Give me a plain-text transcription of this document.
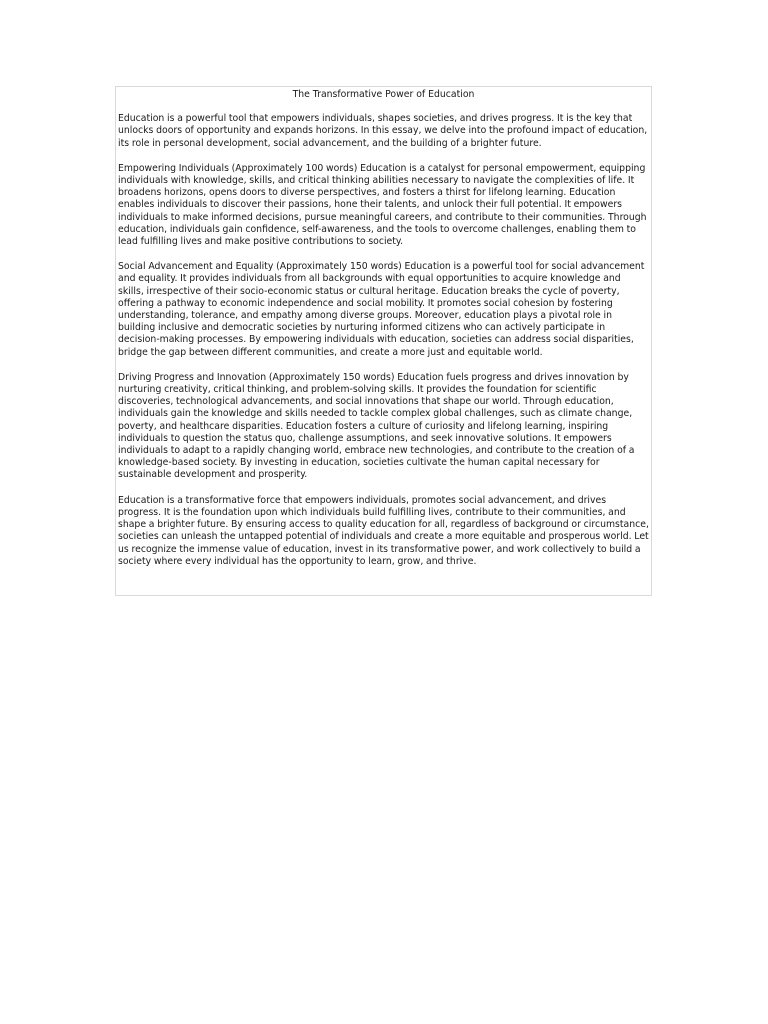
The Transformative Power of Education

Education is a powerful tool that empowers individuals, shapes societies, and drives progress. It is the key that unlocks doors of opportunity and expands horizons. In this essay, we delve into the profound impact of education, its role in personal development, social advancement, and the building of a brighter future.

Empowering Individuals (Approximately 100 words) Education is a catalyst for personal empowerment, equipping individuals with knowledge, skills, and critical thinking abilities necessary to navigate the complexities of life. It broadens horizons, opens doors to diverse perspectives, and fosters a thirst for lifelong learning. Education enables individuals to discover their passions, hone their talents, and unlock their full potential. It empowers individuals to make informed decisions, pursue meaningful careers, and contribute to their communities. Through education, individuals gain confidence, self-awareness, and the tools to overcome challenges, enabling them to lead fulfilling lives and make positive contributions to society.

Social Advancement and Equality (Approximately 150 words) Education is a powerful tool for social advancement and equality. It provides individuals from all backgrounds with equal opportunities to acquire knowledge and skills, irrespective of their socio-economic status or cultural heritage. Education breaks the cycle of poverty, offering a pathway to economic independence and social mobility. It promotes social cohesion by fostering understanding, tolerance, and empathy among diverse groups. Moreover, education plays a pivotal role in building inclusive and democratic societies by nurturing informed citizens who can actively participate in decision-making processes. By empowering individuals with education, societies can address social disparities, bridge the gap between different communities, and create a more just and equitable world.

Driving Progress and Innovation (Approximately 150 words) Education fuels progress and drives innovation by nurturing creativity, critical thinking, and problem-solving skills. It provides the foundation for scientific discoveries, technological advancements, and social innovations that shape our world. Through education, individuals gain the knowledge and skills needed to tackle complex global challenges, such as climate change, poverty, and healthcare disparities. Education fosters a culture of curiosity and lifelong learning, inspiring individuals to question the status quo, challenge assumptions, and seek innovative solutions. It empowers individuals to adapt to a rapidly changing world, embrace new technologies, and contribute to the creation of a knowledge-based society. By investing in education, societies cultivate the human capital necessary for sustainable development and prosperity.

Education is a transformative force that empowers individuals, promotes social advancement, and drives progress. It is the foundation upon which individuals build fulfilling lives, contribute to their communities, and shape a brighter future. By ensuring access to quality education for all, regardless of background or circumstance, societies can unleash the untapped potential of individuals and create a more equitable and prosperous world. Let us recognize the immense value of education, invest in its transformative power, and work collectively to build a society where every individual has the opportunity to learn, grow, and thrive.
